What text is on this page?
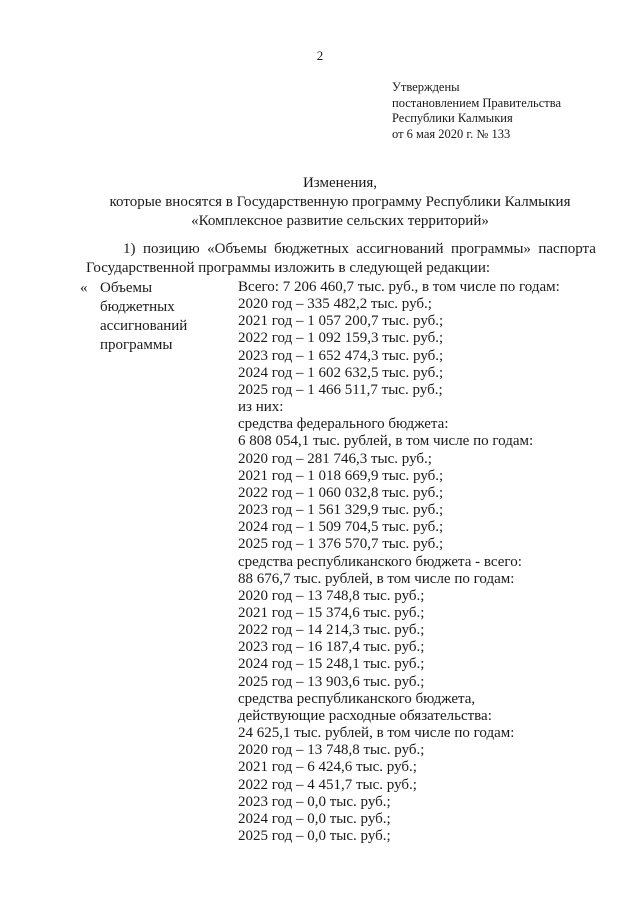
2
Утверждены
постановлением Правительства
Республики Калмыкия
от 6 мая 2020 г. № 133
Изменения,
которые вносятся в Государственную программу Республики Калмыкия
«Комплексное развитие сельских территорий»
1) позицию «Объемы бюджетных ассигнований программы» паспорта
Государственной программы изложить в следующей редакции:
« Объемы
бюджетных
ассигнований
программы
Всего: 7 206 460,7 тыс. руб., в том числе по годам:
2020 год – 335 482,2 тыс. руб.;
2021 год – 1 057 200,7 тыс. руб.;
2022 год – 1 092 159,3 тыс. руб.;
2023 год – 1 652 474,3 тыс. руб.;
2024 год – 1 602 632,5 тыс. руб.;
2025 год – 1 466 511,7 тыс. руб.;
из них:
средства федерального бюджета:
6 808 054,1 тыс. рублей, в том числе по годам:
2020 год – 281 746,3 тыс. руб.;
2021 год – 1 018 669,9 тыс. руб.;
2022 год – 1 060 032,8 тыс. руб.;
2023 год – 1 561 329,9 тыс. руб.;
2024 год – 1 509 704,5 тыс. руб.;
2025 год – 1 376 570,7 тыс. руб.;
средства республиканского бюджета - всего:
88 676,7 тыс. рублей, в том числе по годам:
2020 год – 13 748,8 тыс. руб.;
2021 год – 15 374,6 тыс. руб.;
2022 год – 14 214,3 тыс. руб.;
2023 год – 16 187,4 тыс. руб.;
2024 год – 15 248,1 тыс. руб.;
2025 год – 13 903,6 тыс. руб.;
средства республиканского бюджета,
действующие расходные обязательства:
24 625,1 тыс. рублей, в том числе по годам:
2020 год – 13 748,8 тыс. руб.;
2021 год – 6 424,6 тыс. руб.;
2022 год – 4 451,7 тыс. руб.;
2023 год – 0,0 тыс. руб.;
2024 год – 0,0 тыс. руб.;
2025 год – 0,0 тыс. руб.;
